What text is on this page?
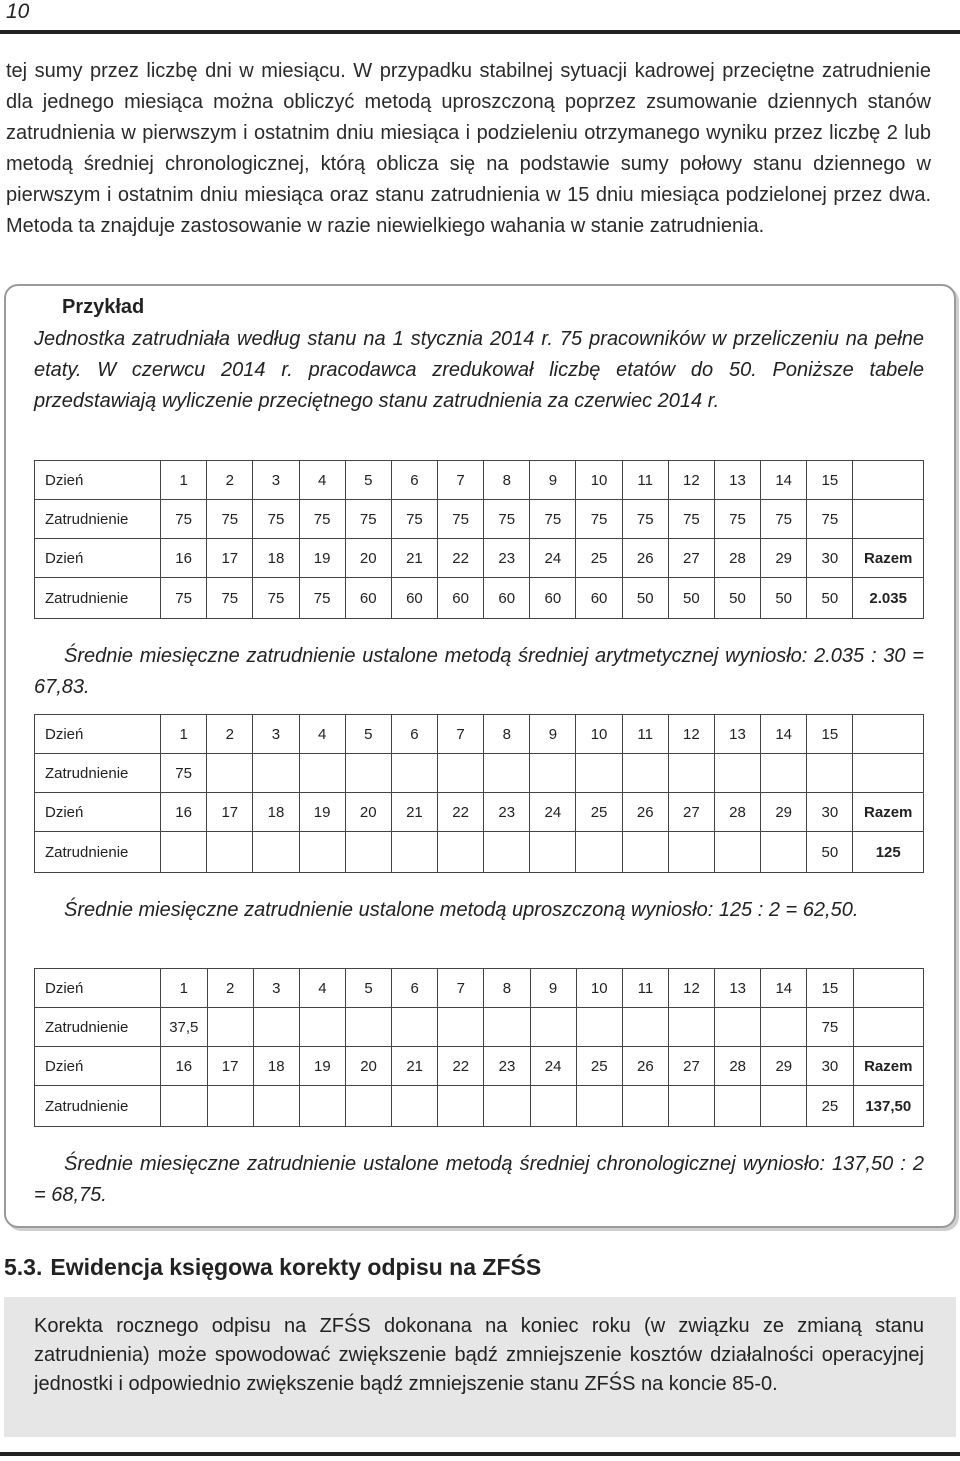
10
tej sumy przez liczbę dni w miesiącu. W przypadku stabilnej sytuacji kadrowej przeciętne zatrudnienie dla jednego miesiąca można obliczyć metodą uproszczoną poprzez zsumowanie dziennych stanów zatrudnienia w pierwszym i ostatnim dniu miesiąca i podzieleniu otrzymanego wyniku przez liczbę 2 lub metodą średniej chronologicznej, którą oblicza się na podstawie sumy połowy stanu dziennego w pierwszym i ostatnim dniu miesiąca oraz stanu zatrudnienia w 15 dniu miesiąca podzielonej przez dwa. Metoda ta znajduje zastosowanie w razie niewielkiego wahania w stanie zatrudnienia.
Przykład
Jednostka zatrudniała według stanu na 1 stycznia 2014 r. 75 pracowników w przeliczeniu na pełne etaty. W czerwcu 2014 r. pracodawca zredukował liczbę etatów do 50. Poniższe tabele przedstawiają wyliczenie przeciętnego stanu zatrudnienia za czerwiec 2014 r.
Dzień	1	2	3	4	5	6	7	8	9	10	11	12	13	14	15	
Zatrudnienie	75	75	75	75	75	75	75	75	75	75	75	75	75	75	75	
Dzień	16	17	18	19	20	21	22	23	24	25	26	27	28	29	30	Razem
Zatrudnienie	75	75	75	75	60	60	60	60	60	60	50	50	50	50	50	2.035
Średnie miesięczne zatrudnienie ustalone metodą średniej arytmetycznej wyniosło: 2.035 : 30 = 67,83.
Dzień	1	2	3	4	5	6	7	8	9	10	11	12	13	14	15	
Zatrudnienie	75															
Dzień	16	17	18	19	20	21	22	23	24	25	26	27	28	29	30	Razem
Zatrudnienie															50	125
Średnie miesięczne zatrudnienie ustalone metodą uproszczoną wyniosło: 125 : 2 = 62,50.
Dzień	1	2	3	4	5	6	7	8	9	10	11	12	13	14	15	
Zatrudnienie	37,5														75	
Dzień	16	17	18	19	20	21	22	23	24	25	26	27	28	29	30	Razem
Zatrudnienie															25	137,50
Średnie miesięczne zatrudnienie ustalone metodą średniej chronologicznej wyniosło: 137,50 : 2 = 68,75.
5.3. Ewidencja księgowa korekty odpisu na ZFŚS
Korekta rocznego odpisu na ZFŚS dokonana na koniec roku (w związku ze zmianą stanu zatrudnienia) może spowodować zwiększenie bądź zmniejszenie kosztów działalności operacyjnej jednostki i odpowiednio zwiększenie bądź zmniejszenie stanu ZFŚS na koncie 85-0.
